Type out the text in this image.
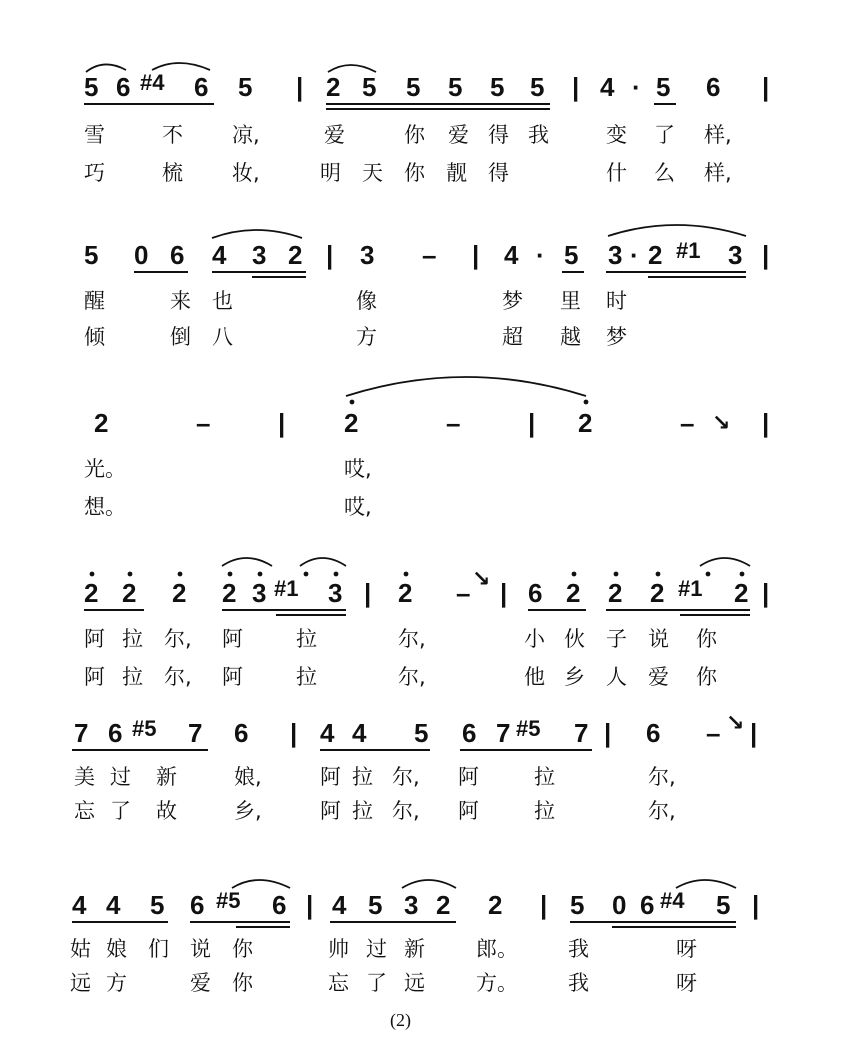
5 6 #4 6 5 | 2 5 5 5 5 5 | 4 · 5 6 |
雪	不 凉,	爱	你 爱 得 我	变 了 样,
巧	梳 妆,	明 天 你 靓 得	什 么 样,
5 0 6 4 3 2 | 3 – | 4 · 5 3 · 2 #1 3 |
醒	来 也	像	梦 里 时
倾	倒 八	方	超 越 梦
2	–	| 2	–	| 2	– ↘ |
光。	哎,
想。	哎,
2 2 2 2 3 #1 3 | 2 – ↘ | 6 2 2 2 #1 2 |
阿 拉 尔, 阿	拉	尔,	小 伙 子 说 你
阿 拉 尔, 阿	拉	尔,	他 乡 人 爱 你
7 6 #5 7 6 | 4 4 5 6 7 #5 7 | 6 – ↘ |
美 过 新	娘,	阿 拉 尔, 阿	拉	尔,
忘 了 故	乡,	阿 拉 尔, 阿	拉	尔,
4 4 5 6 #5 6 | 4 5 3 2 2 | 5 0 6 #4 5 |
姑 娘 们 说 你	帅 过 新 郎。 我	呀
远 方	爱 你	忘 了 远 方。 我	呀
(2)
